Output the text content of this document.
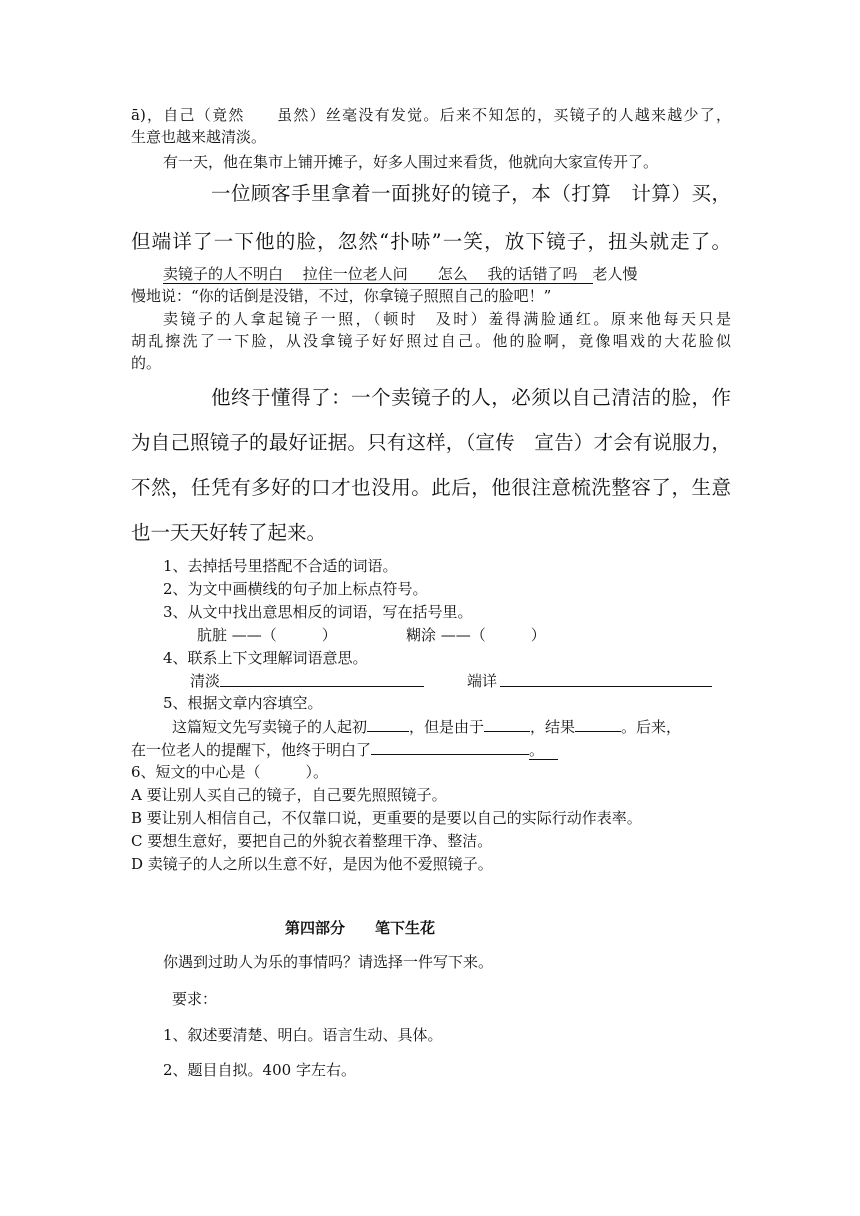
ā)，自己（竟然　　虽然）丝毫没有发觉。后来不知怎的，买镜子的人越来越少了，
生意也越来越清淡。
有一天，他在集市上铺开摊子，好多人围过来看货，他就向大家宣传开了。
一位顾客手里拿着一面挑好的镜子，本（打算　计算）买，
但端详了一下他的脸，忽然“扑哧”一笑，放下镜子，扭头就走了。
卖镜子的人不明白　 拉住一位老人问　　怎么　 我的话错了吗　老人慢
慢地说：“你的话倒是没错，不过，你拿镜子照照自己的脸吧！”
卖镜子的人拿起镜子一照，（顿时　及时）羞得满脸通红。原来他每天只是
胡乱擦洗了一下脸，从没拿镜子好好照过自己。他的脸啊，竟像唱戏的大花脸似
的。
他终于懂得了：一个卖镜子的人，必须以自己清洁的脸，作
为自己照镜子的最好证据。只有这样，（宣传　宣告）才会有说服力，
不然，任凭有多好的口才也没用。此后，他很注意梳洗整容了，生意
也一天天好转了起来。
1、去掉括号里搭配不合适的词语。
2、为文中画横线的句子加上标点符号。
3、从文中找出意思相反的词语，写在括号里。
肮脏 ——（　　　）	糊涂 ——（　　　）
4、联系上下文理解词语意思。
清淡	端详
5、根据文章内容填空。
这篇短文先写卖镜子的人起初	，但是由于	，结果	。后来，
在一位老人的提醒下，他终于明白了	。
6、短文的中心是（　　　）。
A 要让别人买自己的镜子，自己要先照照镜子。
B 要让别人相信自己，不仅靠口说，更重要的是要以自己的实际行动作表率。
C 要想生意好，要把自己的外貌衣着整理干净、整洁。
D 卖镜子的人之所以生意不好，是因为他不爱照镜子。
第四部分 笔下生花
你遇到过助人为乐的事情吗？请选择一件写下来。
要求：
1、叙述要清楚、明白。语言生动、具体。
2、题目自拟。400 字左右。
